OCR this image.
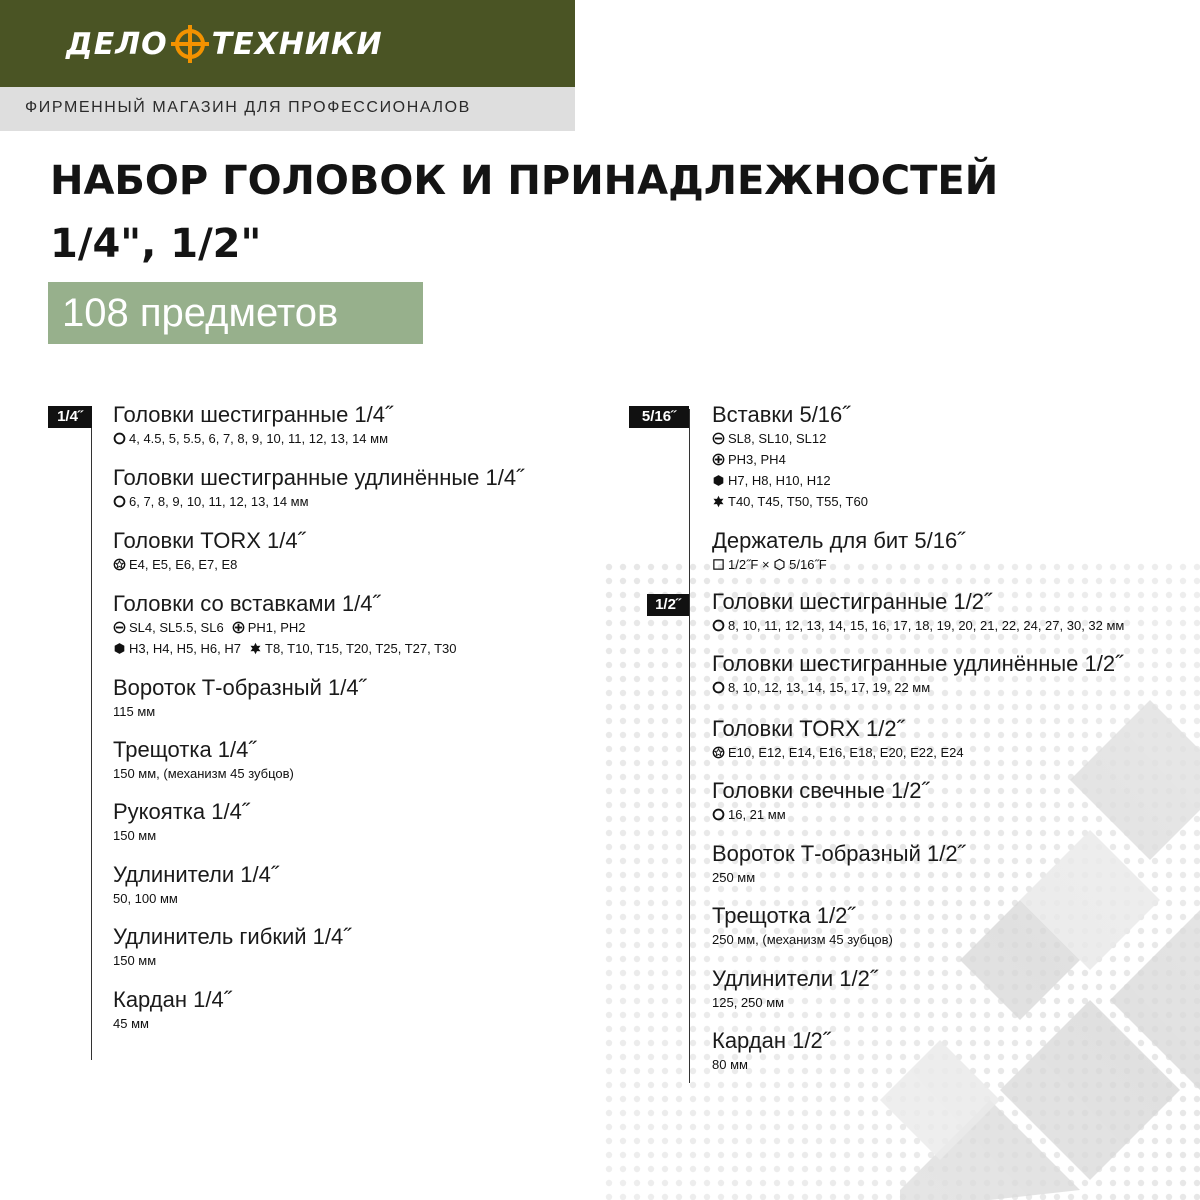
ДЕЛО ТЕХНИКИ
ФИРМЕННЫЙ МАГАЗИН ДЛЯ ПРОФЕССИОНАЛОВ
НАБОР ГОЛОВОК И ПРИНАДЛЕЖНОСТЕЙ
1/4", 1/2"
108 предметов
1/4˝	Головки шестигранные 1/4˝
4, 4.5, 5, 5.5, 6, 7, 8, 9, 10, 11, 12, 13, 14 мм
Головки шестигранные удлинённые 1/4˝
6, 7, 8, 9, 10, 11, 12, 13, 14 мм
Головки TORX 1/4˝
E4, E5, E6, E7, E8
Головки со вставками 1/4˝
SL4, SL5.5, SL6 PH1, PH2
H3, H4, H5, H6, H7 T8, T10, T15, T20, T25, T27, T30
Вороток Т-образный 1/4˝
115 мм
Трещотка 1/4˝
150 мм, (механизм 45 зубцов)
Рукоятка 1/4˝
150 мм
Удлинители 1/4˝
50, 100 мм
Удлинитель гибкий 1/4˝
150 мм
Кардан 1/4˝
45 мм
5/16˝
1/2˝
Вставки 5/16˝
SL8, SL10, SL12
PH3, PH4
H7, H8, H10, H12
T40, T45, T50, T55, T60
Держатель для бит 5/16˝
1/2˝F × 5/16˝F
Головки шестигранные 1/2˝
8, 10, 11, 12, 13, 14, 15, 16, 17, 18, 19, 20, 21, 22, 24, 27, 30, 32 мм
Головки шестигранные удлинённые 1/2˝
8, 10, 12, 13, 14, 15, 17, 19, 22 мм
Головки TORX 1/2˝
E10, E12, E14, E16, E18, E20, E22, E24
Головки свечные 1/2˝
16, 21 мм
Вороток Т-образный 1/2˝
250 мм
Трещотка 1/2˝
250 мм, (механизм 45 зубцов)
Удлинители 1/2˝
125, 250 мм
Кардан 1/2˝
80 мм
